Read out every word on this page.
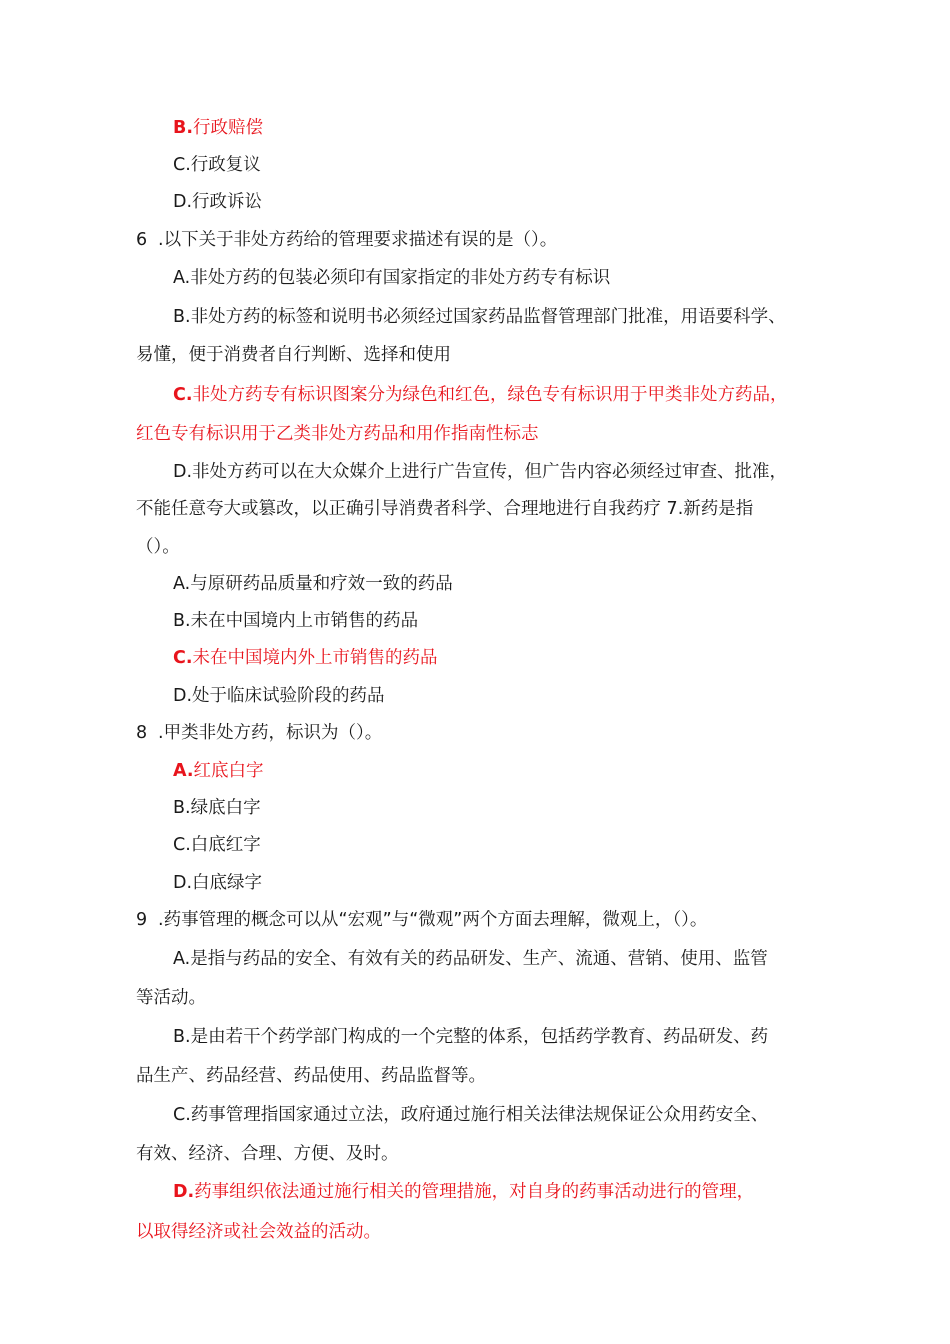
B.行政赔偿
C.行政复议
D.行政诉讼
6 .以下关于非处方药给的管理要求描述有误的是（）。
A.非处方药的包装必须印有国家指定的非处方药专有标识
B.非处方药的标签和说明书必须经过国家药品监督管理部门批准，用语要科学、
易懂，便于消费者自行判断、选择和使用
C.非处方药专有标识图案分为绿色和红色，绿色专有标识用于甲类非处方药品，
红色专有标识用于乙类非处方药品和用作指南性标志
D.非处方药可以在大众媒介上进行广告宣传，但广告内容必须经过审查、批准，
不能任意夸大或篡改，以正确引导消费者科学、合理地进行自我药疗 7.新药是指
（）。
A.与原研药品质量和疗效一致的药品
B.未在中国境内上市销售的药品
C.未在中国境内外上市销售的药品
D.处于临床试验阶段的药品
8 .甲类非处方药，标识为（）。
A.红底白字
B.绿底白字
C.白底红字
D.白底绿字
9 .药事管理的概念可以从“宏观”与“微观”两个方面去理解，微观上，（）。
A.是指与药品的安全、有效有关的药品研发、生产、流通、营销、使用、监管
等活动。
B.是由若干个药学部门构成的一个完整的体系，包括药学教育、药品研发、药
品生产、药品经营、药品使用、药品监督等。
C.药事管理指国家通过立法，政府通过施行相关法律法规保证公众用药安全、
有效、经济、合理、方便、及时。
D.药事组织依法通过施行相关的管理措施，对自身的药事活动进行的管理，
以取得经济或社会效益的活动。
